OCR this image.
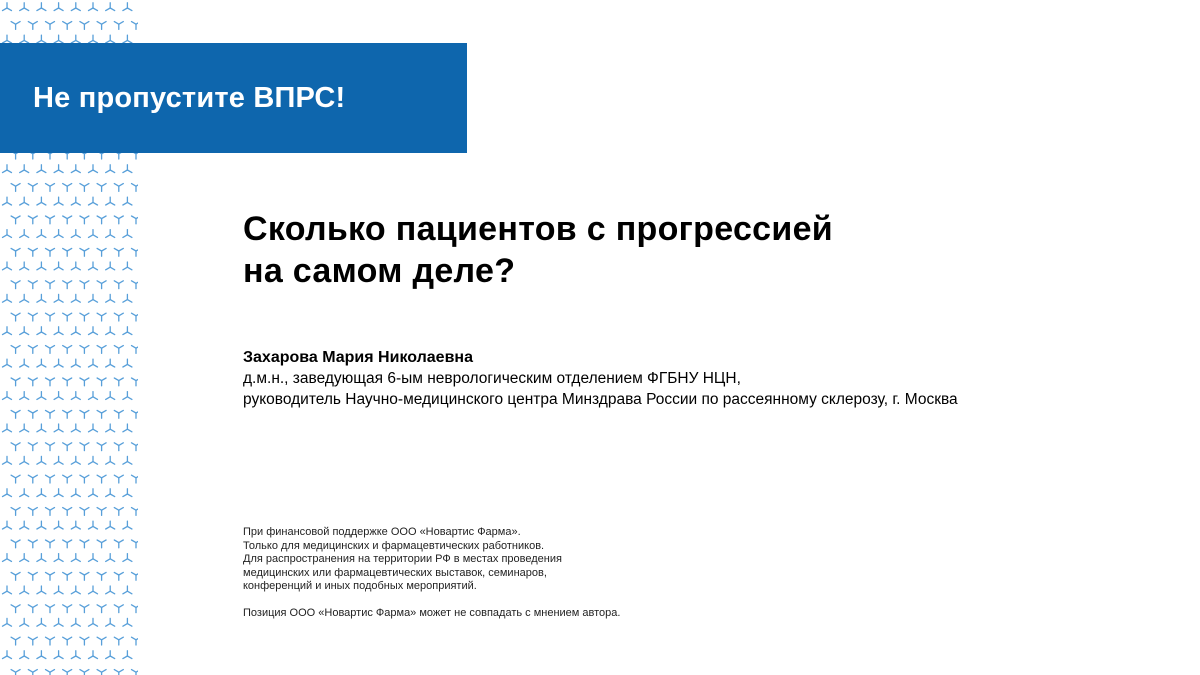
Не пропустите ВПРС!
Сколько пациентов с прогрессией
на самом деле?
Захарова Мария Николаевна
д.м.н., заведующая 6-ым неврологическим отделением ФГБНУ НЦН,
руководитель Научно-медицинского центра Минздрава России по рассеянному склерозу, г. Москва
При финансовой поддержке ООО «Новартис Фарма».
Только для медицинских и фармацевтических работников.
Для распространения на территории РФ в местах проведения
медицинских или фармацевтических выставок, семинаров,
конференций и иных подобных мероприятий.
Позиция ООО «Новартис Фарма» может не совпадать с мнением автора.
